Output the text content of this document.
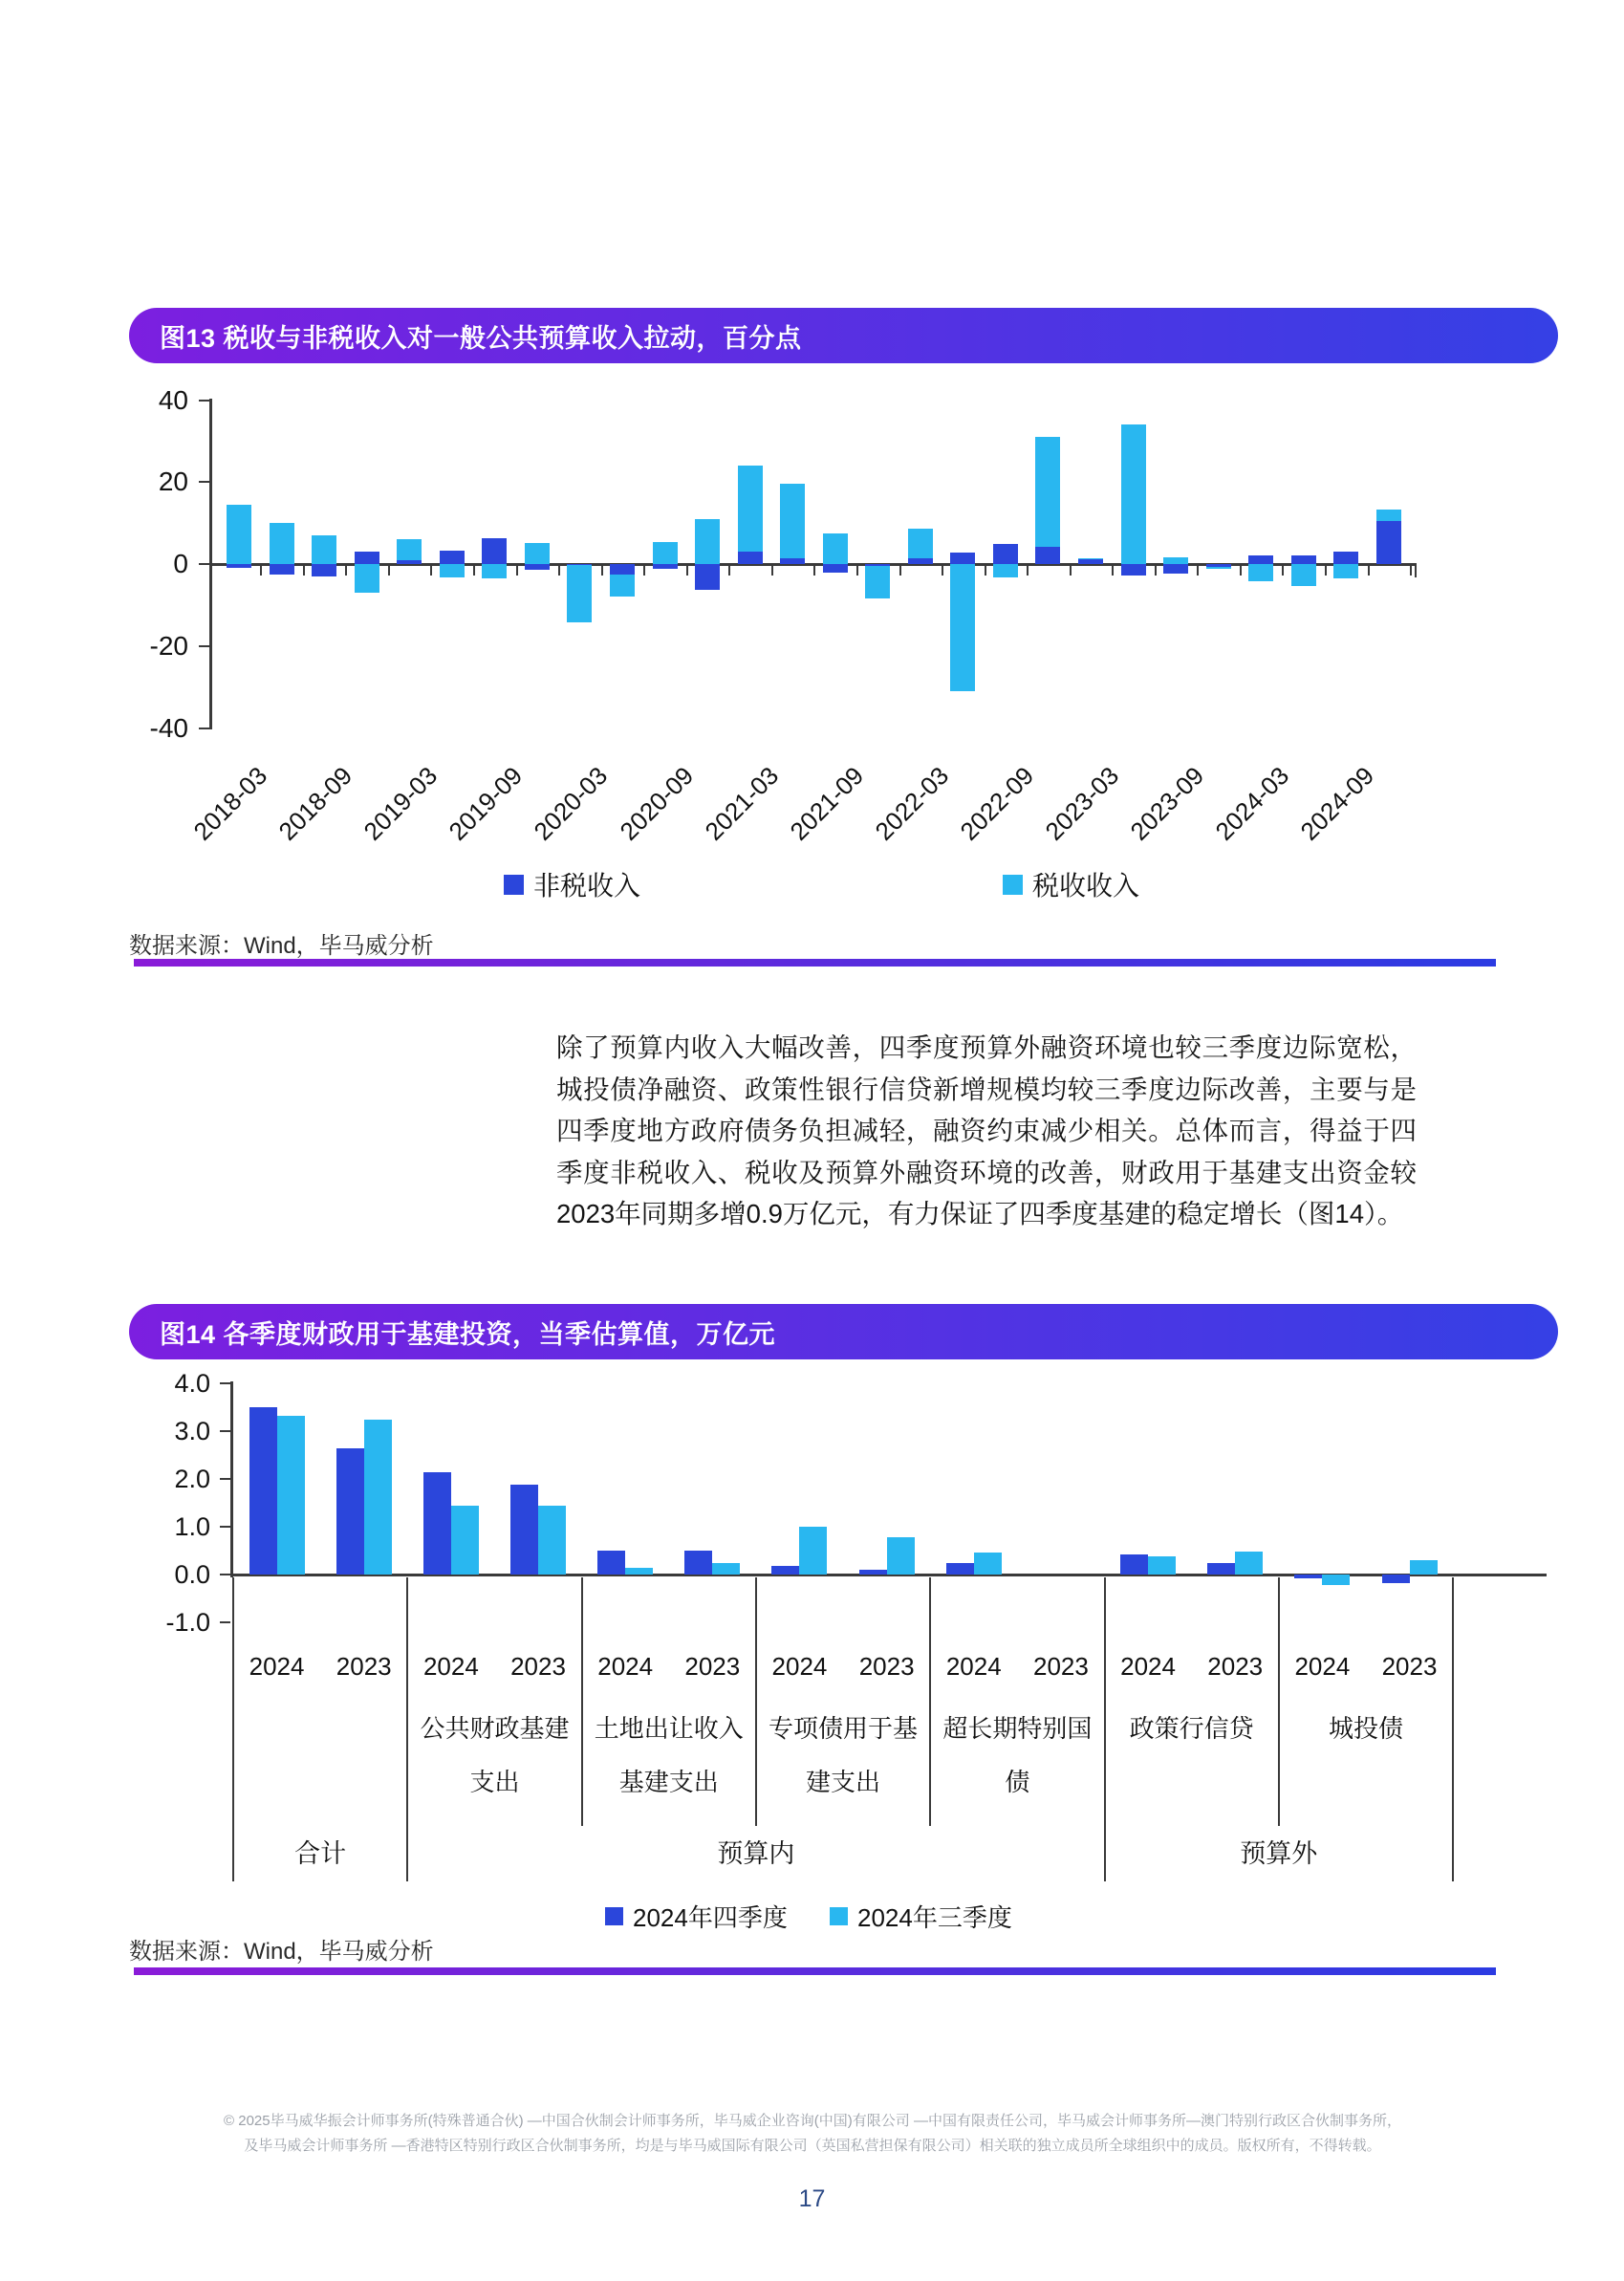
图13 税收与非税收入对一般公共预算收入拉动，百分点
40
20
0
-20
-40
2018-03 2018-09 2019-03 2019-09 2020-03 2020-09 2021-03 2021-09 2022-03 2022-09 2023-03 2023-09 2024-03 2024-09
非税收入	税收收入
数据来源：Wind，毕马威分析
除了预算内收入大幅改善，四季度预算外融资环境也较三季度边际宽松，城投债净融资、政策性银行信贷新增规模均较三季度边际改善，主要与是四季度地方政府债务负担减轻，融资约束减少相关。总体而言，得益于四季度非税收入、税收及预算外融资环境的改善，财政用于基建支出资金较2023年同期多增0.9万亿元，有力保证了四季度基建的稳定增长（图14）。
图14 各季度财政用于基建投资，当季估算值，万亿元
4.0
3.0
2.0
1.0
0.0
-1.0
2024	2023	2024	2023
公共财政基建
支出
2024	2023
土地出让收入
基建支出
2024	2023
专项债用于基
建支出
2024	2023
超长期特别国
债
2024	2023
政策行信贷
2024	2023
城投债
合计	预算内	预算外
2024年四季度	2024年三季度
数据来源：Wind，毕马威分析
© 2025毕马威华振会计师事务所(特殊普通合伙) —中国合伙制会计师事务所，毕马威企业咨询(中国)有限公司 —中国有限责任公司，毕马威会计师事务所—澳门特别行政区合伙制事务所，
及毕马威会计师事务所 —香港特区特别行政区合伙制事务所，均是与毕马威国际有限公司（英国私营担保有限公司）相关联的独立成员所全球组织中的成员。版权所有，不得转载。
17
